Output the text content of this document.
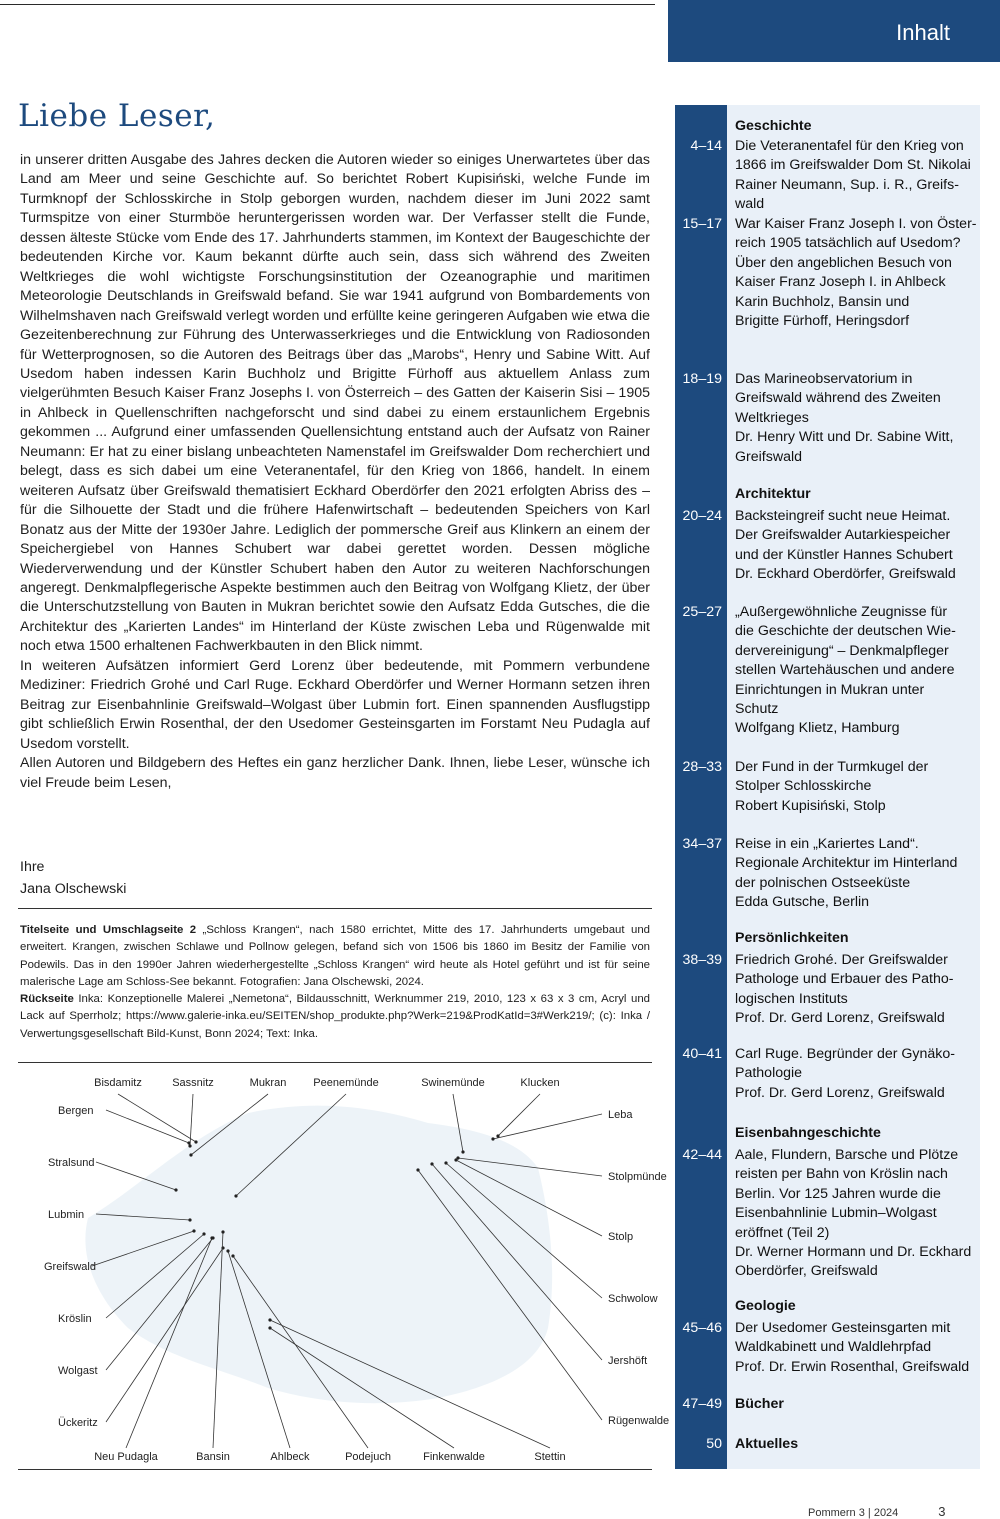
Inhalt
Liebe Leser,

in unserer dritten Ausgabe des Jahres decken die Autoren wieder so einiges Unerwartetes über das Land am Meer und seine Geschichte auf. So berichtet Robert Kupisiński, welche Funde im Turmknopf der Schlosskirche in Stolp geborgen wurden, nachdem dieser im Juni 2022 samt Turmspitze von einer Sturmböe heruntergerissen worden war. Der Verfasser stellt die Funde, dessen älteste Stücke vom Ende des 17. Jahrhunderts stammen, im Kontext der Baugeschichte der bedeutenden Kirche vor. Kaum bekannt dürfte auch sein, dass sich während des Zweiten Weltkrieges die wohl wichtigste Forschungsinstitution der Ozeanographie und maritimen Meteorologie Deutschlands in Greifswald befand. Sie war 1941 aufgrund von Bombardements von Wilhelmshaven nach Greifswald verlegt worden und erfüllte keine geringeren Aufgaben wie etwa die Gezeitenberechnung zur Führung des Unterwasserkrieges und die Entwicklung von Radiosonden für Wetterprognosen, so die Autoren des Beitrags über das „Marobs“, Henry und Sabine Witt. Auf Usedom haben indessen Karin Buchholz und Brigitte Fürhoff aus aktuellem Anlass zum vielgerühmten Besuch Kaiser Franz Josephs I. von Österreich – des Gatten der Kaiserin Sisi – 1905 in Ahlbeck in Quellenschriften nachgeforscht und sind dabei zu einem erstaunlichem Ergebnis gekommen ... Aufgrund einer umfassenden Quellensichtung entstand auch der Aufsatz von Rainer Neumann: Er hat zu einer bislang unbeachteten Namenstafel im Greifswalder Dom recherchiert und belegt, dass es sich dabei um eine Veteranentafel, für den Krieg von 1866, handelt. In einem weiteren Aufsatz über Greifswald thematisiert Eckhard Oberdörfer den 2021 erfolgten Abriss des – für die Silhouette der Stadt und die frühere Hafenwirtschaft – bedeutenden Speichers von Karl Bonatz aus der Mitte der 1930er Jahre. Lediglich der pommersche Greif aus Klinkern an einem der Speichergiebel von Hannes Schubert war dabei gerettet worden. Dessen mögliche Wiederverwendung und der Künstler Schubert haben den Autor zu weiteren Nachforschungen angeregt. Denkmalpflegerische Aspekte bestimmen auch den Beitrag von Wolfgang Klietz, der über die Unterschutzstellung von Bauten in Mukran berichtet sowie den Aufsatz Edda Gutsches, die die Architektur des „Karierten Landes“ im Hinterland der Küste zwischen Leba und Rügenwalde mit noch etwa 1500 erhaltenen Fachwerkbauten in den Blick nimmt.

In weiteren Aufsätzen informiert Gerd Lorenz über bedeutende, mit Pommern verbundene Mediziner: Friedrich Grohé und Carl Ruge. Eckhard Oberdörfer und Werner Hormann setzen ihren Beitrag zur Eisenbahnlinie Greifswald–Wolgast über Lubmin fort. Einen spannenden Ausflugstipp gibt schließlich Erwin Rosenthal, der den Usedomer Gesteinsgarten im Forstamt Neu Pudagla auf Usedom vorstellt.

Allen Autoren und Bildgebern des Heftes ein ganz herzlicher Dank. Ihnen, liebe Leser, wünsche ich viel Freude beim Lesen,

Ihre
Jana Olschewski

Titelseite und Umschlagseite 2 „Schloss Krangen“, nach 1580 errichtet, Mitte des 17. Jahrhunderts umgebaut und erweitert. Krangen, zwischen Schlawe und Pollnow gelegen, befand sich von 1506 bis 1860 im Besitz der Familie von Podewils. Das in den 1990er Jahren wiederhergestellte „Schloss Krangen“ wird heute als Hotel geführt und ist für seine malerische Lage am Schloss-See bekannt. Fotografien: Jana Olschewski, 2024.

Rückseite Inka: Konzeptionelle Malerei „Nemetona“, Bildausschnitt, Werknummer 219, 2010, 123 x 63 x 3 cm, Acryl und Lack auf Sperrholz; https://www.galerie-inka.eu/SEITEN/shop_produkte.php?Werk=219&ProdKatId=3#Werk219/; (c): Inka / Verwertungsgesellschaft Bild-Kunst, Bonn 2024; Text: Inka.

Bisdamitz	Sassnitz	Mukran Peenemünde	Swinemünde	Klucken
Bergen
Stralsund
Lubmin
Greifswald
Kröslin
Wolgast
Ückeritz
Leba
Stolpmünde
Stolp
Schwolow
Jershöft
Rügenwalde
Neu Pudagla	Bansin	Ahlbeck	Podejuch	Finkenwalde	Stettin
Geschichte
4–14 Die Veteranentafel für den Krieg von
1866 im Greifswalder Dom St. Nikolai
Rainer Neumann, Sup. i. R., Greifs-
wald
15–17 War Kaiser Franz Joseph I. von Öster-
reich 1905 tatsächlich auf Usedom?
Über den angeblichen Besuch von
Kaiser Franz Joseph I. in Ahlbeck
Karin Buchholz, Bansin und
Brigitte Fürhoff, Heringsdorf
18–19 Das Marineobservatorium in
Greifswald während des Zweiten
Weltkrieges
Dr. Henry Witt und Dr. Sabine Witt,
Greifswald
Architektur
20–24 Backsteingreif sucht neue Heimat.
Der Greifswalder Autarkiespeicher
und der Künstler Hannes Schubert
Dr. Eckhard Oberdörfer, Greifswald
25–27 „Außergewöhnliche Zeugnisse für
die Geschichte der deutschen Wie-
dervereinigung“ – Denkmalpfleger
stellen Wartehäuschen und andere
Einrichtungen in Mukran unter
Schutz
Wolfgang Klietz, Hamburg
28–33 Der Fund in der Turmkugel der
Stolper Schlosskirche
Robert Kupisiński, Stolp
34–37 Reise in ein „Kariertes Land“.
Regionale Architektur im Hinterland
der polnischen Ostseeküste
Edda Gutsche, Berlin
Persönlichkeiten
38–39 Friedrich Grohé. Der Greifswalder
Pathologe und Erbauer des Patho-
logischen Instituts
Prof. Dr. Gerd Lorenz, Greifswald
40–41 Carl Ruge. Begründer der Gynäko-
Pathologie
Prof. Dr. Gerd Lorenz, Greifswald
Eisenbahngeschichte
42–44 Aale, Flundern, Barsche und Plötze
reisten per Bahn von Kröslin nach
Berlin. Vor 125 Jahren wurde die
Eisenbahnlinie Lubmin–Wolgast
eröffnet (Teil 2)
Dr. Werner Hormann und Dr. Eckhard
Oberdörfer, Greifswald
Geologie
45–46 Der Usedomer Gesteinsgarten mit
Waldkabinett und Waldlehrpfad
Prof. Dr. Erwin Rosenthal, Greifswald
47–49 Bücher
50 Aktuelles
Pommern 3 | 2024	3
